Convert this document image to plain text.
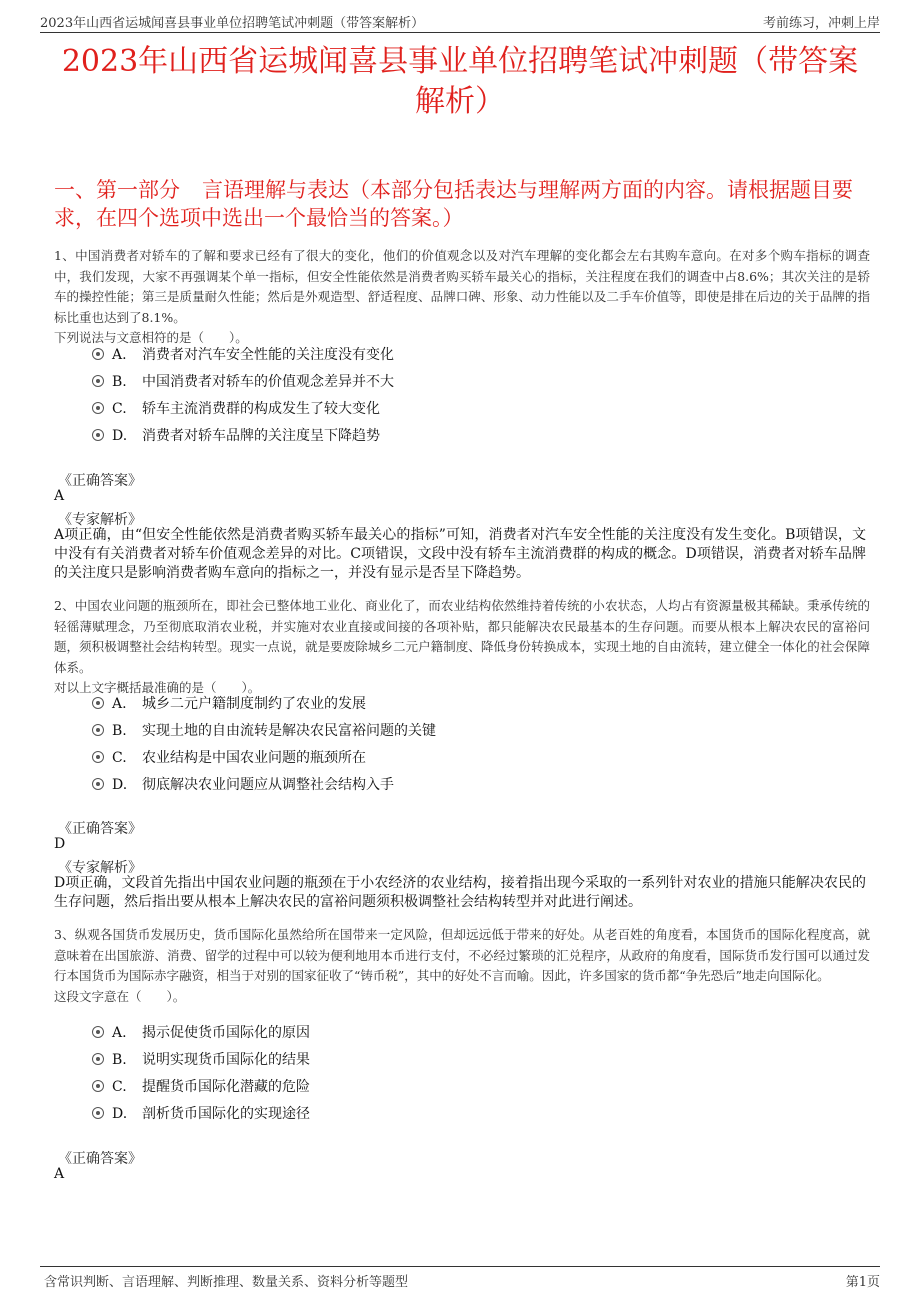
2023年山西省运城闻喜县事业单位招聘笔试冲刺题（带答案解析）	考前练习，冲刺上岸
2023年山西省运城闻喜县事业单位招聘笔试冲刺题（带答案解析）
一、第一部分 言语理解与表达（本部分包括表达与理解两方面的内容。请根据题目要求，在四个选项中选出一个最恰当的答案。）

1、中国消费者对轿车的了解和要求已经有了很大的变化，他们的价值观念以及对汽车理解的变化都会左右其购车意向。在对多个购车指标的调查中，我们发现，大家不再强调某个单一指标，但安全性能依然是消费者购买轿车最关心的指标，关注程度在我们的调查中占8.6%；其次关注的是轿车的操控性能；第三是质量耐久性能；然后是外观造型、舒适程度、品牌口碑、形象、动力性能以及二手车价值等，即使是排在后边的关于品牌的指标比重也达到了8.1%。

下列说法与文意相符的是（　　）。

A. 消费者对汽车安全性能的关注度没有变化
B. 中国消费者对轿车的价值观念差异并不大
C. 轿车主流消费群的构成发生了较大变化
D. 消费者对轿车品牌的关注度呈下降趋势
《正确答案》
A
《专家解析》

A项正确，由“但安全性能依然是消费者购买轿车最关心的指标”可知，消费者对汽车安全性能的关注度没有发生变化。B项错误，文中没有有关消费者对轿车价值观念差异的对比。C项错误，文段中没有轿车主流消费群的构成的概念。D项错误，消费者对轿车品牌的关注度只是影响消费者购车意向的指标之一，并没有显示是否呈下降趋势。

2、中国农业问题的瓶颈所在，即社会已整体地工业化、商业化了，而农业结构依然维持着传统的小农状态，人均占有资源量极其稀缺。秉承传统的轻徭薄赋理念，乃至彻底取消农业税，并实施对农业直接或间接的各项补贴，都只能解决农民最基本的生存问题。而要从根本上解决农民的富裕问题，须积极调整社会结构转型。现实一点说，就是要废除城乡二元户籍制度、降低身份转换成本，实现土地的自由流转，建立健全一体化的社会保障体系。

对以上文字概括最准确的是（　　）。

A. 城乡二元户籍制度制约了农业的发展
B. 实现土地的自由流转是解决农民富裕问题的关键
C. 农业结构是中国农业问题的瓶颈所在
D. 彻底解决农业问题应从调整社会结构入手
《正确答案》
D
《专家解析》

D项正确，文段首先指出中国农业问题的瓶颈在于小农经济的农业结构，接着指出现今采取的一系列针对农业的措施只能解决农民的生存问题，然后指出要从根本上解决农民的富裕问题须积极调整社会结构转型并对此进行阐述。

3、纵观各国货币发展历史，货币国际化虽然给所在国带来一定风险，但却远远低于带来的好处。从老百姓的角度看，本国货币的国际化程度高，就意味着在出国旅游、消费、留学的过程中可以较为便利地用本币进行支付，不必经过繁琐的汇兑程序，从政府的角度看，国际货币发行国可以通过发行本国货币为国际赤字融资，相当于对别的国家征收了“铸币税”，其中的好处不言而喻。因此，许多国家的货币都“争先恐后”地走向国际化。

这段文字意在（　　）。

A. 揭示促使货币国际化的原因
B. 说明实现货币国际化的结果
C. 提醒货币国际化潜藏的危险
D. 剖析货币国际化的实现途径
《正确答案》
A
含常识判断、言语理解、判断推理、数量关系、资料分析等题型	第1页
